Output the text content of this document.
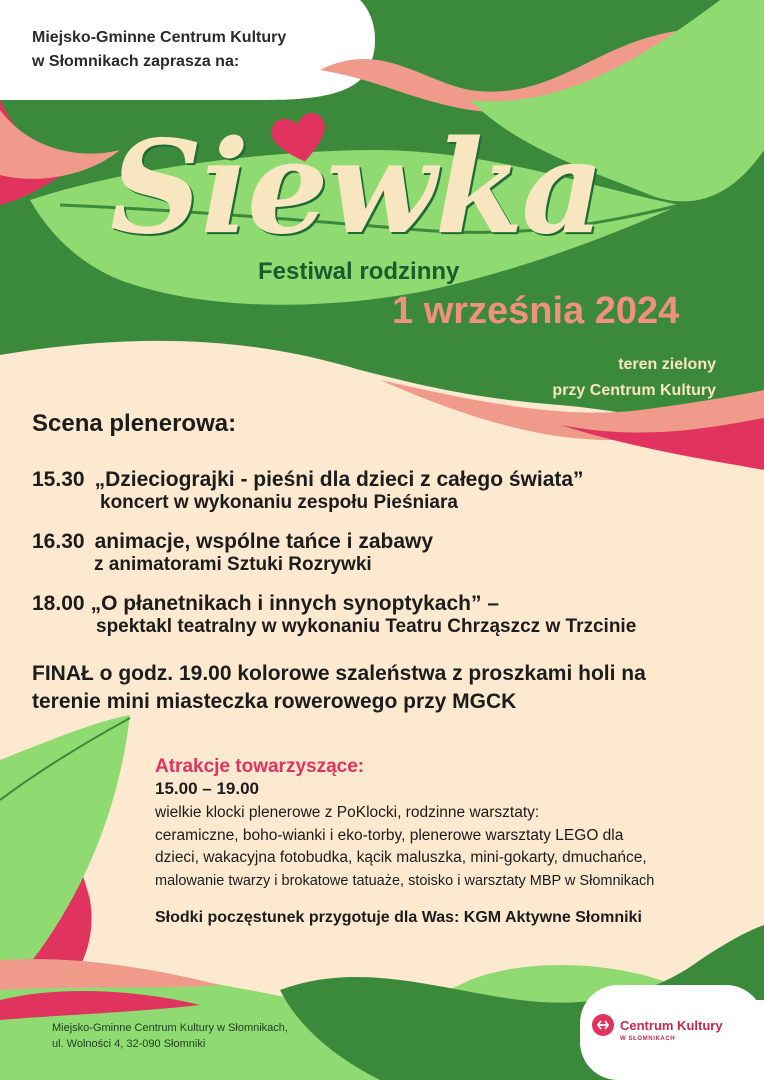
Miejsko-Gminne Centrum Kultury
w Słomnikach zaprasza na:
Siewka
Festiwal rodzinny
1 września 2024
teren zielony
przy Centrum Kultury
Scena plenerowa:
15.30 „Dzieciograjki - pieśni dla dzieci z całego świata”
koncert w wykonaniu zespołu Pieśniara
16.30 animacje, wspólne tańce i zabawy
z animatorami Sztuki Rozrywki
18.00 „O płanetnikach i innych synoptykach” –
spektakl teatralny w wykonaniu Teatru Chrząszcz w Trzcinie
FINAŁ o godz. 19.00 kolorowe szaleństwa z proszkami holi na
terenie mini miasteczka rowerowego przy MGCK
Atrakcje towarzyszące:
15.00 – 19.00
wielkie klocki plenerowe z PoKlocki, rodzinne warsztaty:
ceramiczne, boho-wianki i eko-torby, plenerowe warsztaty LEGO dla
dzieci, wakacyjna fotobudka, kącik maluszka, mini-gokarty, dmuchańce,
malowanie twarzy i brokatowe tatuaże, stoisko i warsztaty MBP w Słomnikach
Słodki poczęstunek przygotuje dla Was: KGM Aktywne Słomniki
Miejsko-Gminne Centrum Kultury w Słomnikach,
ul. Wolności 4, 32-090 Słomniki
Centrum Kultury
W SŁOMNIKACH
